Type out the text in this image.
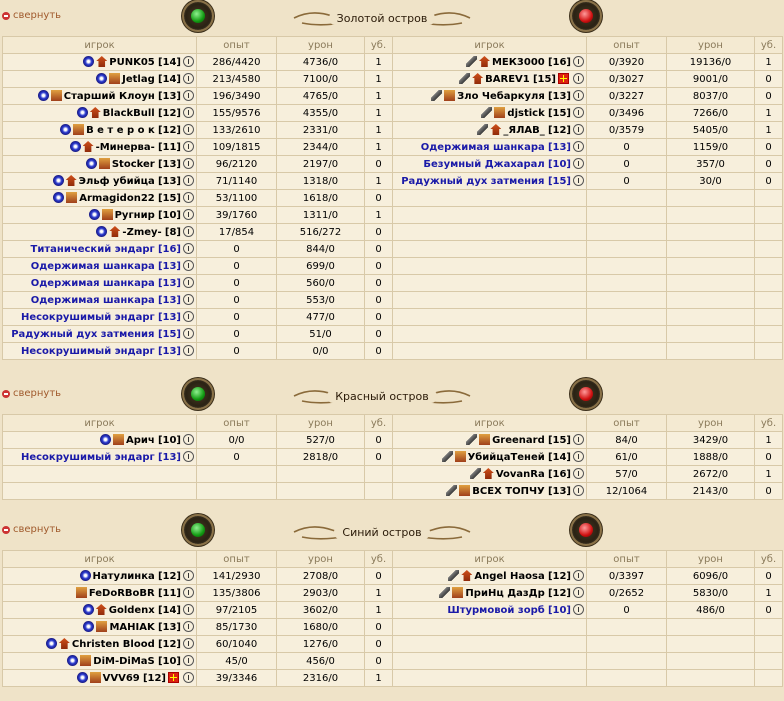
свернуть	Золотой остров
игрок	опыт	урон	уб.	игрок	опыт	урон	уб.
PUNK05 [14]	286/4420	4736/0	1	МЕК3000 [16]	0/3920	19136/0	1
Jetlag [14]	213/4580	7100/0	1	BAREV1 [15]	0/3027	9001/0	0
Старший Клоун [13]	196/3490	4765/0	1	Зло Чебаркуля [13]	0/3227	8037/0	0
BlackBull [12]	155/9576	4355/0	1	djstick [15]	0/3496	7266/0	1
В е т е р о к [12]	133/2610	2331/0	1	_ЯЛАВ_ [12]	0/3579	5405/0	1
-Минерва- [11]	109/1815	2344/0	1	Одержимая шанкара [13]	0	1159/0	0
Stocker [13]	96/2120	2197/0	0	Безумный Джахарал [10]	0	357/0	0
Эльф убийца [13]	71/1140	1318/0	1	Радужный дух затмения [15]	0	30/0	0
Armagidon22 [15]	53/1100	1618/0	0				
Ругнир [10]	39/1760	1311/0	1				
-Zmey- [8]	17/854	516/272	0				
Титанический эндарг [16]	0	844/0	0				
Одержимая шанкара [13]	0	699/0	0				
Одержимая шанкара [13]	0	560/0	0				
Одержимая шанкара [13]	0	553/0	0				
Несокрушимый эндарг [13]	0	477/0	0				
Радужный дух затмения [15]	0	51/0	0				
Несокрушимый эндарг [13]	0	0/0	0				
свернуть	Красный остров
игрок	опыт	урон	уб.	игрок	опыт	урон	уб.
Арич [10]	0/0	527/0	0	Greenard [15]	84/0	3429/0	1
Несокрушимый эндарг [13]	0	2818/0	0	УбийцаТеней [14]	61/0	1888/0	0
				VovanRa [16]	57/0	2672/0	1
				ВСЕХ ТОПЧУ [13]	12/1064	2143/0	0
свернуть	Синий остров
игрок	опыт	урон	уб.	игрок	опыт	урон	уб.
Натулинка [12]	141/2930	2708/0	0	Angel Haosa [12]	0/3397	6096/0	0
FeDoRBoBR [11]	135/3806	2903/0	1	ПриНц ДазДр [12]	0/2652	5830/0	1
Goldenx [14]	97/2105	3602/0	1	Штурмовой зорб [10]	0	486/0	0
MAHIAK [13]	85/1730	1680/0	0				
Christen Blood [12]	60/1040	1276/0	0				
DiM-DiMaS [10]	45/0	456/0	0				
VVV69 [12]	39/3346	2316/0	1				
